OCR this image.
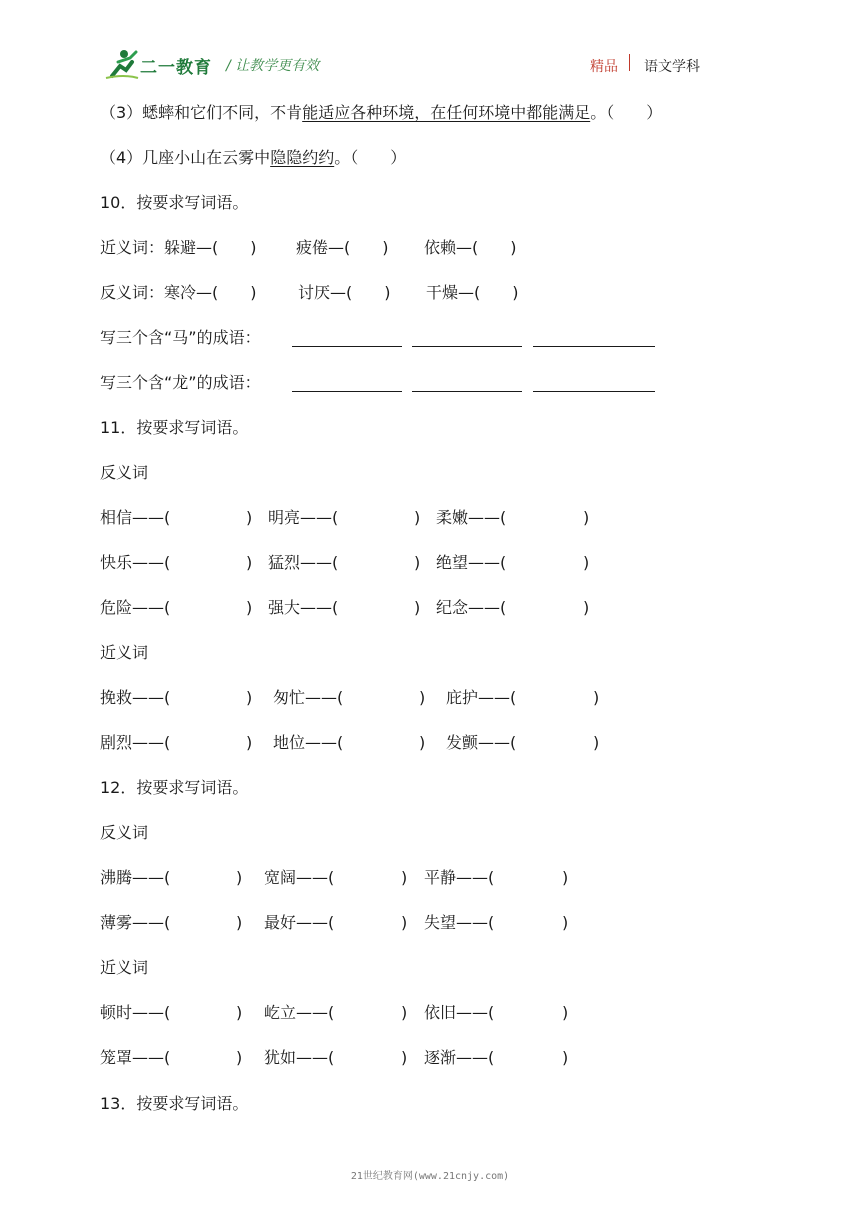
二一教育 / 让教学更有效	精品 语文学科
（3）蟋蟀和它们不同，不肯能适应各种环境，在任何环境中都能满足。（　　）
（4）几座小山在云雾中隐隐约约。（　　）
10．按要求写词语。
近义词：躲避—(　　) 疲倦—(　　) 依赖—(　　)
反义词：寒冷—(　　)	讨厌—(　　) 干燥—(　　)
写三个含“马”的成语：
写三个含“龙”的成语：
11．按要求写词语。
反义词
相信——(	) 明亮——(	) 柔嫩——(	)
快乐——(	) 猛烈——(	) 绝望——(	)
危险——(	) 强大——(	) 纪念——(	)
近义词
挽救——(	) 匆忙——(	) 庇护——(	)
剧烈——(	) 地位——(	) 发颤——(	)
12．按要求写词语。
反义词
沸腾——(	) 宽阔——(	) 平静——(	)
薄雾——(	) 最好——(	) 失望——(	)
近义词
顿时——(	) 屹立——(	) 依旧——(	)
笼罩——(	) 犹如——(	) 逐渐——(	)
13．按要求写词语。
21世纪教育网(www.21cnjy.com)
